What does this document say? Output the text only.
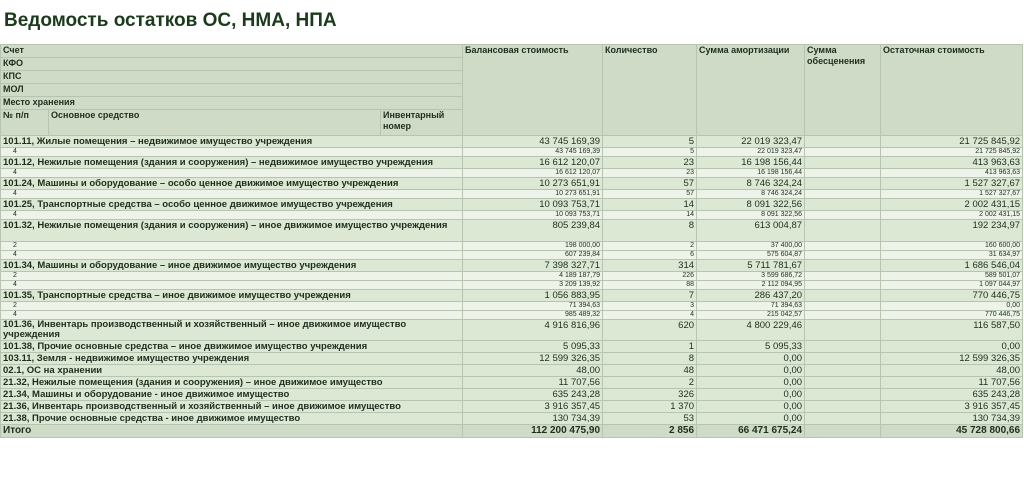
Ведомость остатков ОС, НМА, НПА
Счет			Балансовая стоимость	Количество	Сумма амортизации	Сумма обесценения	Остаточная стоимость
КФО							
КПС							
МОЛ							
Место хранения							
№ п/п	Основное средство	Инвентарный номер					

101.11, Жилые помещения – недвижимое имущество учреждения			43 745 169,39	5	22 019 323,47		21 725 845,92
4			43 745 169,39	5	22 019 323,47		21 725 845,92
101.12, Нежилые помещения (здания и сооружения) – недвижимое имущество учреждения			16 612 120,07	23	16 198 156,44		413 963,63
4			16 612 120,07	23	16 198 156,44		413 963,63
101.24, Машины и оборудование – особо ценное движимое имущество учреждения			10 273 651,91	57	8 746 324,24		1 527 327,67
4			10 273 651,91	57	8 746 324,24		1 527 327,67
101.25, Транспортные средства – особо ценное движимое имущество учреждения			10 093 753,71	14	8 091 322,56		2 002 431,15
4			10 093 753,71	14	8 091 322,56		2 002 431,15
101.32, Нежилые помещения (здания и сооружения) – иное движимое имущество учреждения			805 239,84	8	613 004,87		192 234,97
2			198 000,00	2	37 400,00		160 600,00
4			607 239,84	6	575 604,87		31 634,97
101.34, Машины и оборудование – иное движимое имущество учреждения			7 398 327,71	314	5 711 781,67		1 686 546,04
2			4 189 187,79	226	3 599 686,72		589 501,07
4			3 209 139,92	88	2 112 094,95		1 097 044,97
101.35, Транспортные средства – иное движимое имущество учреждения			1 056 883,95	7	286 437,20		770 446,75
2			71 394,63	3	71 394,63		0,00
4			985 489,32	4	215 042,57		770 446,75
101.36, Инвентарь производственный и хозяйственный – иное движимое имущество учреждения			4 916 816,96	620	4 800 229,46		116 587,50
101.38, Прочие основные средства – иное движимое имущество учреждения			5 095,33	1	5 095,33		0,00
103.11, Земля - недвижимое имущество учреждения			12 599 326,35	8	0,00		12 599 326,35
02.1, ОС на хранении			48,00	48	0,00		48,00
21.32, Нежилые помещения (здания и сооружения) – иное движимое имущество			11 707,56	2	0,00		11 707,56
21.34, Машины и оборудование - иное движимое имущество			635 243,28	326	0,00		635 243,28
21.36, Инвентарь производственный и хозяйственный – иное движимое имущество			3 916 357,45	1 370	0,00		3 916 357,45
21.38, Прочие основные средства - иное движимое имущество			130 734,39	53	0,00		130 734,39
Итого			112 200 475,90	2 856	66 471 675,24		45 728 800,66
